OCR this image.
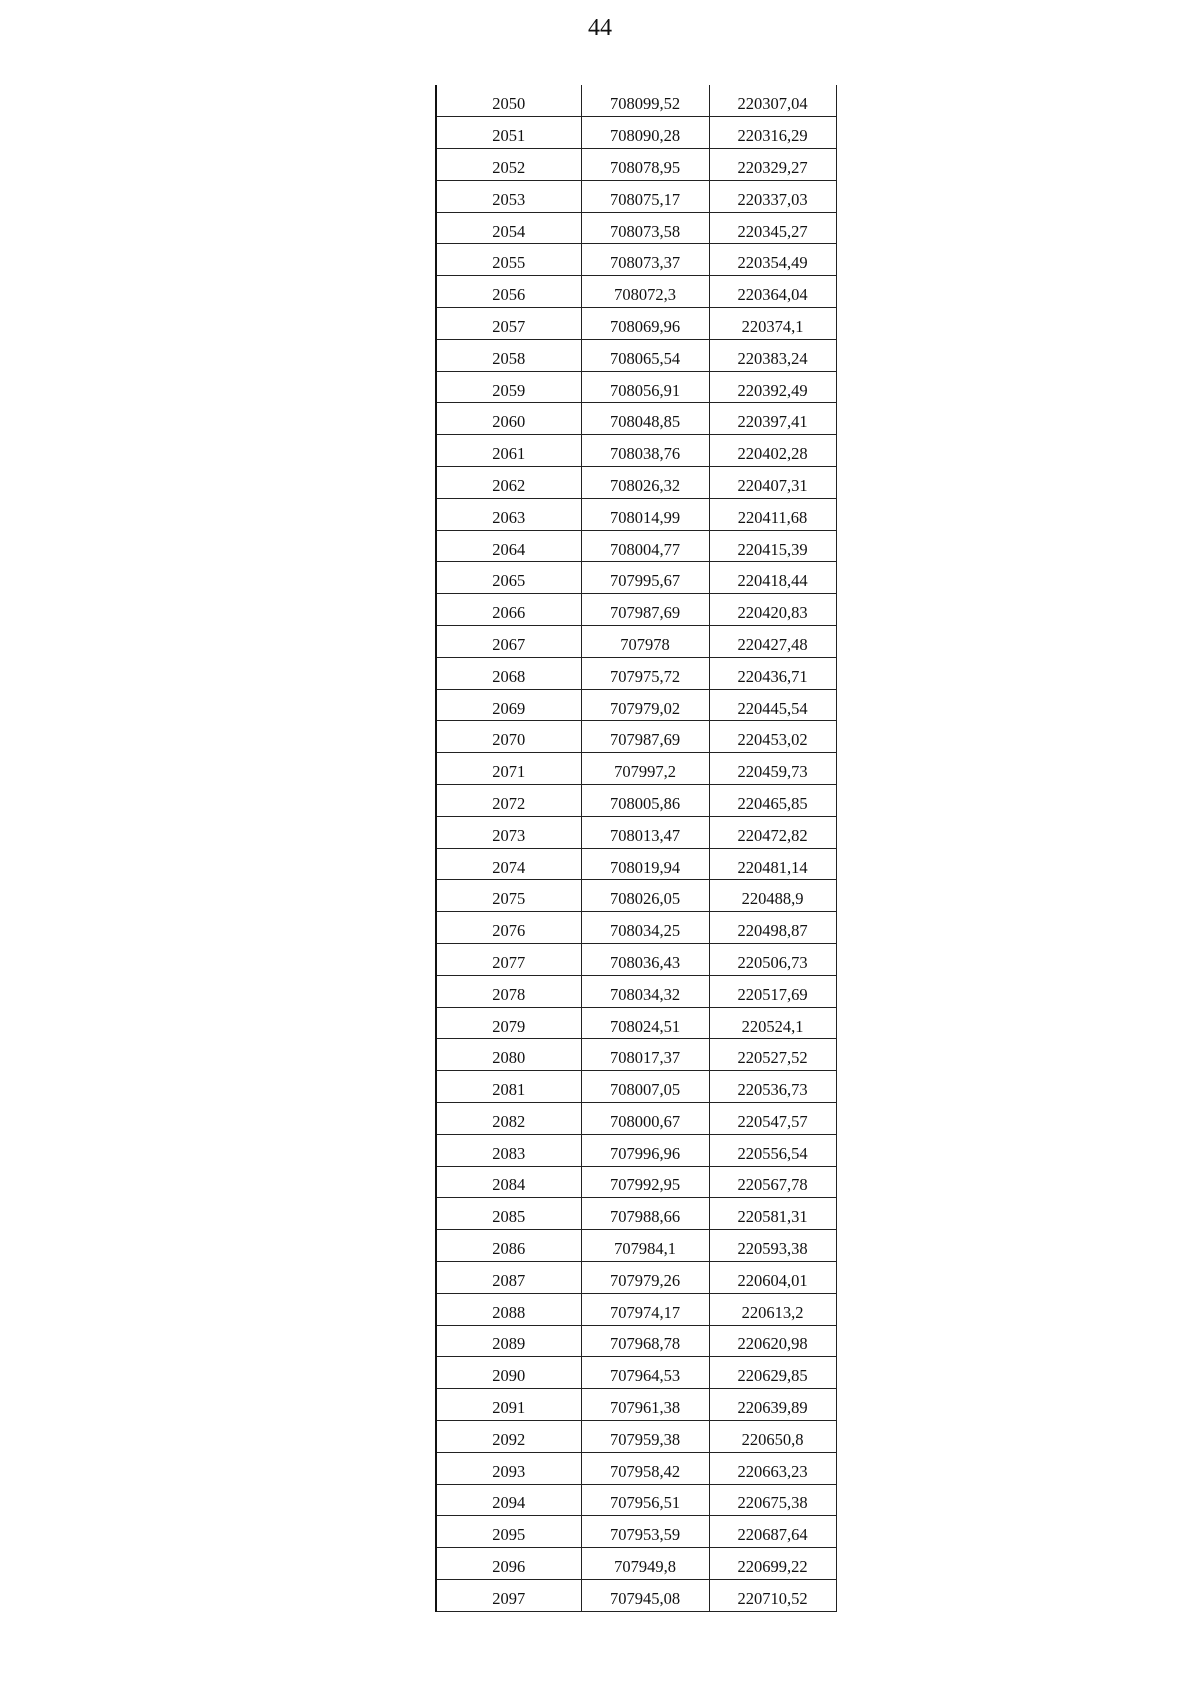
44
2050	708099,52	220307,04
2051	708090,28	220316,29
2052	708078,95	220329,27
2053	708075,17	220337,03
2054	708073,58	220345,27
2055	708073,37	220354,49
2056	708072,3	220364,04
2057	708069,96	220374,1
2058	708065,54	220383,24
2059	708056,91	220392,49
2060	708048,85	220397,41
2061	708038,76	220402,28
2062	708026,32	220407,31
2063	708014,99	220411,68
2064	708004,77	220415,39
2065	707995,67	220418,44
2066	707987,69	220420,83
2067	707978	220427,48
2068	707975,72	220436,71
2069	707979,02	220445,54
2070	707987,69	220453,02
2071	707997,2	220459,73
2072	708005,86	220465,85
2073	708013,47	220472,82
2074	708019,94	220481,14
2075	708026,05	220488,9
2076	708034,25	220498,87
2077	708036,43	220506,73
2078	708034,32	220517,69
2079	708024,51	220524,1
2080	708017,37	220527,52
2081	708007,05	220536,73
2082	708000,67	220547,57
2083	707996,96	220556,54
2084	707992,95	220567,78
2085	707988,66	220581,31
2086	707984,1	220593,38
2087	707979,26	220604,01
2088	707974,17	220613,2
2089	707968,78	220620,98
2090	707964,53	220629,85
2091	707961,38	220639,89
2092	707959,38	220650,8
2093	707958,42	220663,23
2094	707956,51	220675,38
2095	707953,59	220687,64
2096	707949,8	220699,22
2097	707945,08	220710,52
